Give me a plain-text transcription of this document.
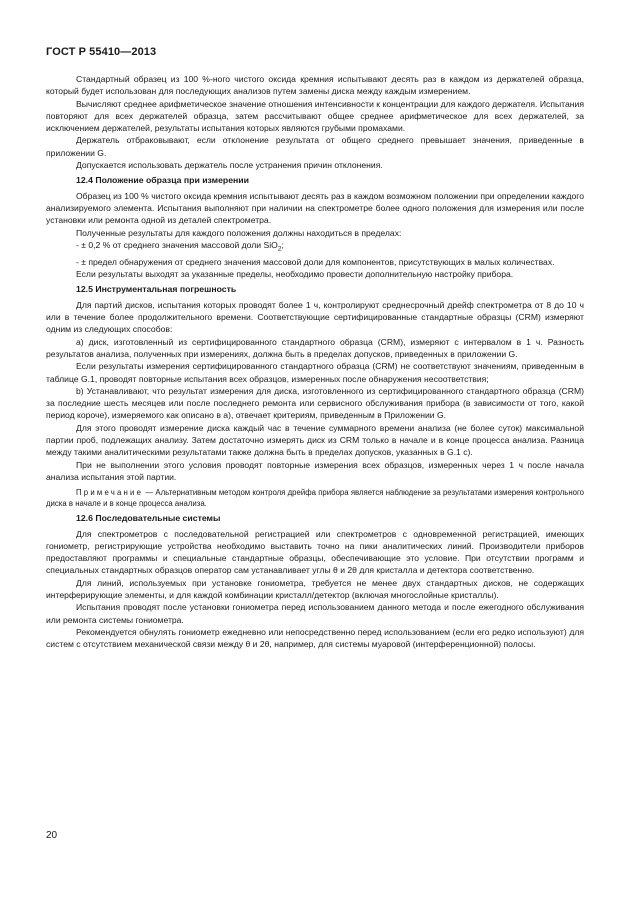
ГОСТ Р 55410—2013

Стандартный образец из 100 %-ного чистого оксида кремния испытывают десять раз в каждом из держателей образца, который будет использован для последующих анализов путем замены диска между каждым измерением.

Вычисляют среднее арифметическое значение отношения интенсивности к концентрации для каждого держателя. Испытания повторяют для всех держателей образца, затем рассчитывают общее среднее арифметическое для всех держателей, за исключением держателей, результаты испытания которых являются грубыми промахами.

Держатель отбраковывают, если отклонение результата от общего среднего превышает значения, приведенные в приложении G.

Допускается использовать держатель после устранения причин отклонения.

12.4 Положение образца при измерении

Образец из 100 % чистого оксида кремния испытывают десять раз в каждом возможном положении при определении каждого анализируемого элемента. Испытания выполняют при наличии на спектрометре более одного положения для измерения или после установки или ремонта одной из деталей спектрометра.

Полученные результаты для каждого положения должны находиться в пределах:

- ± 0,2 % от среднего значения массовой доли SiO$_2$;

- ± предел обнаружения от среднего значения массовой доли для компонентов, присутствующих в малых количествах.

Если результаты выходят за указанные пределы, необходимо провести дополнительную настройку прибора.

12.5 Инструментальная погрешность

Для партий дисков, испытания которых проводят более 1 ч, контролируют среднесрочный дрейф спектрометра от 8 до 10 ч или в течение более продолжительного времени. Соответствующие сертифицированные стандартные образцы (CRM) измеряют одним из следующих способов:

а) диск, изготовленный из сертифицированного стандартного образца (CRM), измеряют с интервалом в 1 ч. Разность результатов анализа, полученных при измерениях, должна быть в пределах допусков, приведенных в приложении G.

Если результаты измерения сертифицированного стандартного образца (CRM) не соответствуют значениям, приведенным в таблице G.1, проводят повторные испытания всех образцов, измеренных после обнаружения несоответствия;

b) Устанавливают, что результат измерения для диска, изготовленного из сертифицированного стандартного образца (CRM) за последние шесть месяцев или после последнего ремонта или сервисного обслуживания прибора (в зависимости от того, какой период короче), измеряемого как описано в а), отвечает критериям, приведенным в Приложении G.

Для этого проводят измерение диска каждый час в течение суммарного времени анализа (не более суток) максимальной партии проб, подлежащих анализу. Затем достаточно измерять диск из CRM только в начале и в конце процесса анализа. Разница между такими аналитическими результатами также должна быть в пределах допусков, указанных в G.1 с).

При не выполнении этого условия проводят повторные измерения всех образцов, измеренных через 1 ч после начала анализа испытания этой партии.

Примечание — Альтернативным методом контроля дрейфа прибора является наблюдение за результатами измерения контрольного диска в начале и в конце процесса анализа.

12.6 Последовательные системы

Для спектрометров с последовательной регистрацией или спектрометров с одновременной регистрацией, имеющих гониометр, регистрирующие устройства необходимо выставить точно на пики аналитических линий. Производители приборов предоставляют программы и специальные стандартные образцы, обеспечивающие это условие. При отсутствии программ и специальных стандартных образцов оператор сам устанавливает углы θ и 2θ для кристалла и детектора соответственно.

Для линий, используемых при установке гониометра, требуется не менее двух стандартных дисков, не содержащих интерферирующие элементы, и для каждой комбинации кристалл/детектор (включая многослойные кристаллы).

Испытания проводят после установки гониометра перед использованием данного метода и после ежегодного обслуживания или ремонта системы гониометра.

Рекомендуется обнулять гониометр ежедневно или непосредственно перед использованием (если его редко используют) для систем с отсутствием механической связи между θ и 2θ, например, для системы муаровой (интерференционной) полосы.

20
